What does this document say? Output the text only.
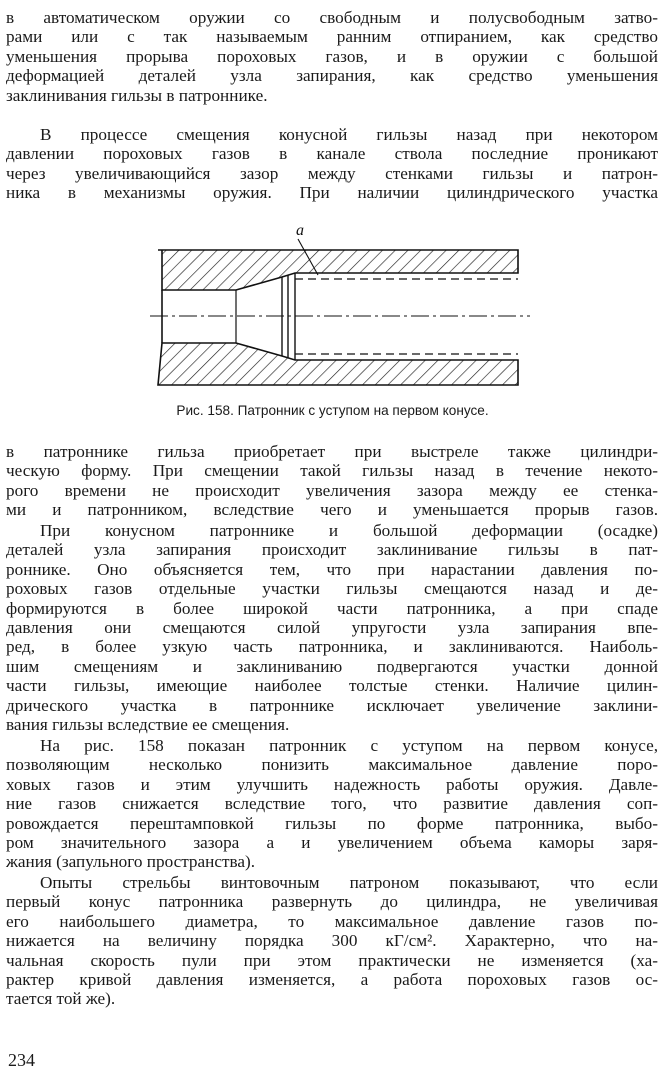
в автоматическом оружии со свободным и полусвободным затво-
рами или с так называемым ранним отпиранием, как средство
уменьшения прорыва пороховых газов, и в оружии с большой
деформацией деталей узла запирания, как средство уменьшения
заклинивания гильзы в патроннике.
В процессе смещения конусной гильзы назад при некотором
давлении пороховых газов в канале ствола последние проникают
через увеличивающийся зазор между стенками гильзы и патрон-
ника в механизмы оружия. При наличии цилиндрического участка
a
Рис. 158. Патронник с уступом на первом конусе.
в патроннике гильза приобретает при выстреле также цилиндри-
ческую форму. При смещении такой гильзы назад в течение некото-
рого времени не происходит увеличения зазора между ее стенка-
ми и патронником, вследствие чего и уменьшается прорыв газов.
При конусном патроннике и большой деформации (осадке)
деталей узла запирания происходит заклинивание гильзы в пат-
роннике. Оно объясняется тем, что при нарастании давления по-
роховых газов отдельные участки гильзы смещаются назад и де-
формируются в более широкой части патронника, а при спаде
давления они смещаются силой упругости узла запирания впе-
ред, в более узкую часть патронника, и заклиниваются. Наиболь-
шим смещениям и заклиниванию подвергаются участки донной
части гильзы, имеющие наиболее толстые стенки. Наличие цилин-
дрического участка в патроннике исключает увеличение заклини-
вания гильзы вследствие ее смещения.
На рис. 158 показан патронник с уступом на первом конусе,
позволяющим несколько понизить максимальное давление поро-
ховых газов и этим улучшить надежность работы оружия. Давле-
ние газов снижается вследствие того, что развитие давления соп-
ровождается перештамповкой гильзы по форме патронника, выбо-
ром значительного зазора a и увеличением объема каморы заря-
жания (запульного пространства).
Опыты стрельбы винтовочным патроном показывают, что если
первый конус патронника развернуть до цилиндра, не увеличивая
его наибольшего диаметра, то максимальное давление газов по-
нижается на величину порядка 300 кГ/см². Характерно, что на-
чальная скорость пули при этом практически не изменяется (ха-
рактер кривой давления изменяется, а работа пороховых газов ос-
тается той же).
234
